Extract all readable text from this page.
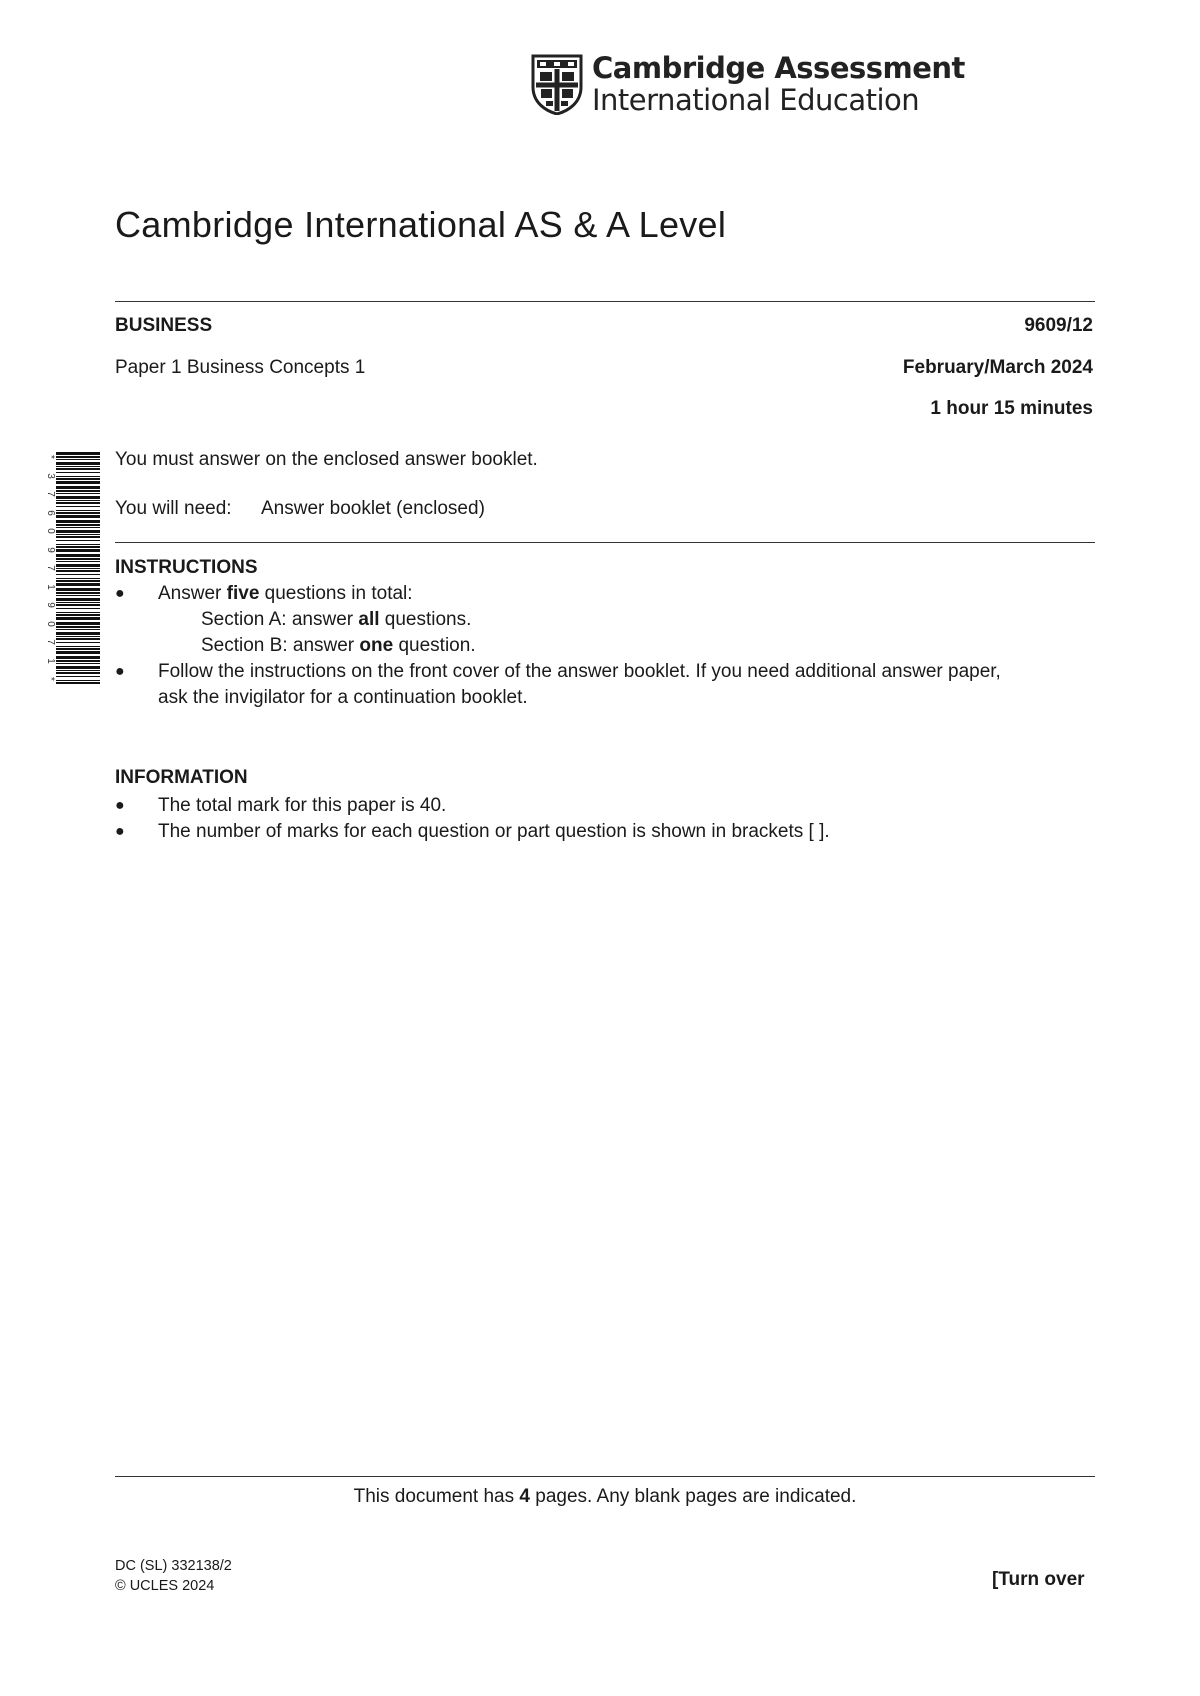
Cambridge Assessment
International Education
Cambridge International AS & A Level
BUSINESS	9609/12
Paper 1 Business Concepts 1	February/March 2024
1 hour 15 minutes
*
3
7
6
0
9
7
1
9
0
7
1
*
You must answer on the enclosed answer booklet.
You will need:	Answer booklet (enclosed)
INSTRUCTIONS
●	Answer five questions in total:
Section A: answer all questions.
Section B: answer one question.
●	Follow the instructions on the front cover of the answer booklet. If you need additional answer paper,
ask the invigilator for a continuation booklet.
INFORMATION
●	The total mark for this paper is 40.
●	The number of marks for each question or part question is shown in brackets [ ].
This document has 4 pages. Any blank pages are indicated.
DC (SL) 332138/2
© UCLES 2024	[Turn over
